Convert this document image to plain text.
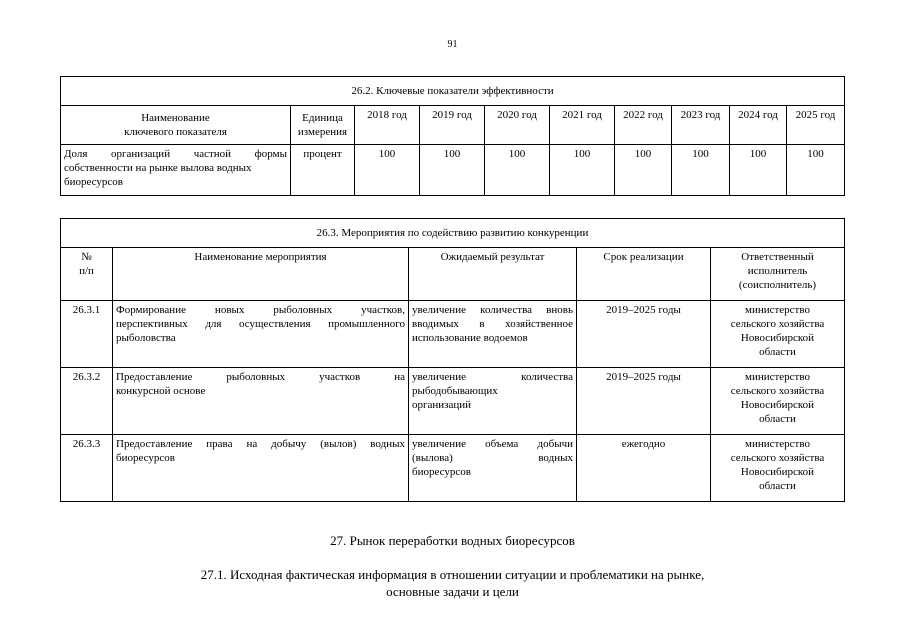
91
26.2. Ключевые показатели эффективности									

Наименование
ключевого показателя	Единица
измерения	2018 год	2019 год	2020 год	2021 год	2022 год	2023 год	2024 год	2025 год

Доля организаций частной формы
собственности на рынке вылова водных
биоресурсов	процент	100	100	100	100	100	100	100	100
26.3. Мероприятия по содействию развитию конкуренции				

№
п/п	Наименование мероприятия	Ожидаемый результат	Срок реализации	Ответственный
исполнитель
(соисполнитель)

26.3.1	Формирование новых рыболовных участков,
перспективных для осуществления промышленного
рыболовства	увеличение количества вновь
вводимых в хозяйственное
использование водоемов	2019–2025 годы	министерство
сельского хозяйства
Новосибирской
области

26.3.2	Предоставление рыболовных участков на
конкурсной основе	увеличение количества
рыбодобывающих
организаций	2019–2025 годы	министерство
сельского хозяйства
Новосибирской
области

26.3.3	Предоставление права на добычу (вылов) водных
биоресурсов	увеличение объема добычи
(вылова) водных
биоресурсов	ежегодно	министерство
сельского хозяйства
Новосибирской
области
27. Рынок переработки водных биоресурсов
27.1. Исходная фактическая информация в отношении ситуации и проблематики на рынке,
основные задачи и цели
